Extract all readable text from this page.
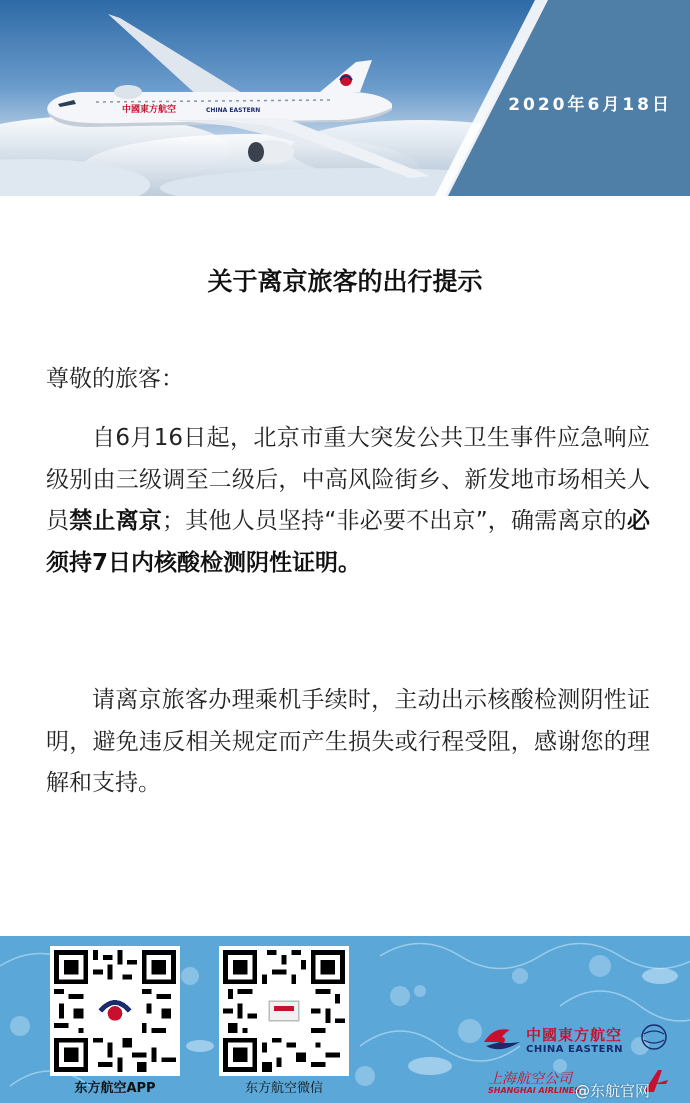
中國東方航空	CHINA EASTERN	2020年6月18日
关于离京旅客的出行提示
尊敬的旅客：
自6月16日起，北京市重大突发公共卫生事件应急响应级别由三级调至二级后，中高风险街乡、新发地市场相关人员禁止离京；其他人员坚持“非必要不出京”，确需离京的必须持7日内核酸检测阴性证明。
请离京旅客办理乘机手续时，主动出示核酸检测阴性证明，避免违反相关规定而产生损失或行程受阻，感谢您的理解和支持。
东方航空APP	东方航空微信
中國東方航空
CHINA EASTERN
上海航空公司
SHANGHAI AIRLINES
@东航官网
